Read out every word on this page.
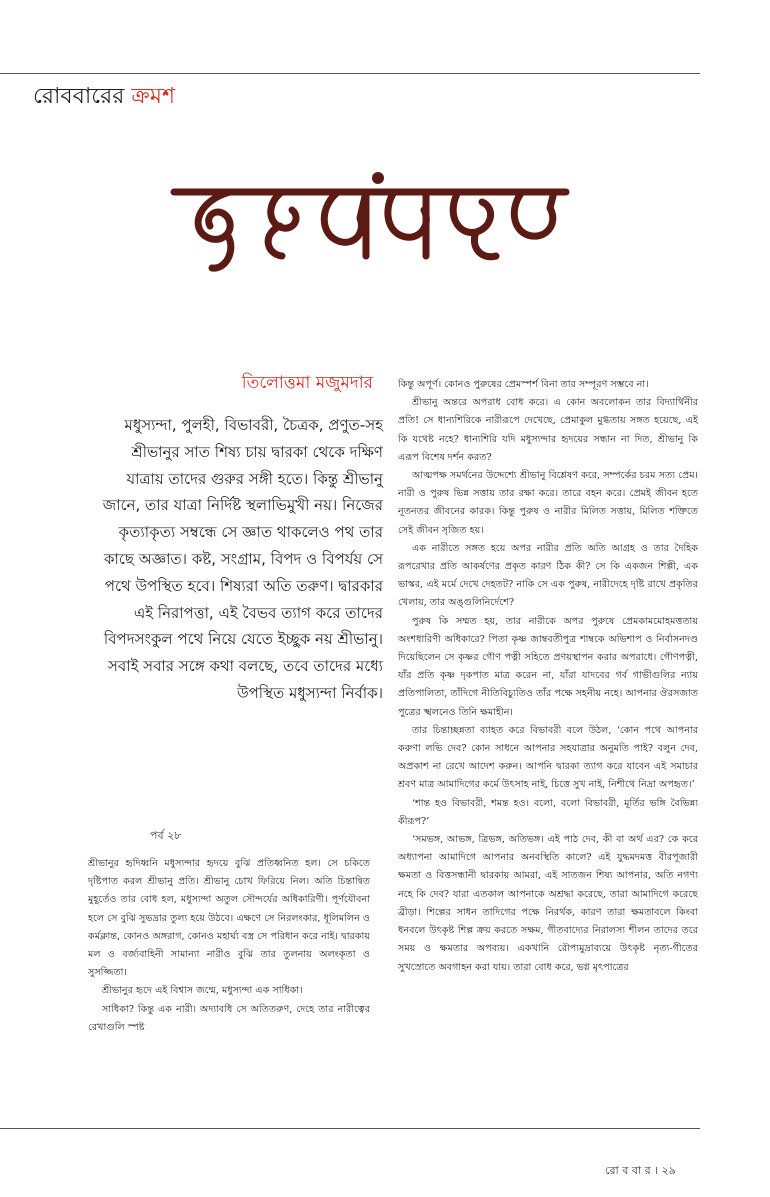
রোববারের ক্রমশ
তিলোত্তমা মজুমদার
মধুস্যন্দা, পুলহী, বিভাবরী, চৈত্রক, প্রণুত-সহ শ্রীভানুর সাত শিষ্য চায় দ্বারকা থেকে দক্ষিণ যাত্রায় তাদের গুরুর সঙ্গী হতে। কিন্তু শ্রীভানু জানে, তার যাত্রা নির্দিষ্ট স্থলাভিমুখী নয়। নিজের কৃত্যাকৃত্য সম্বন্ধে সে জ্ঞাত থাকলেও পথ তার কাছে অজ্ঞাত। কষ্ট, সংগ্রাম, বিপদ ও বিপর্যয় সে পথে উপস্থিত হবে। শিষ্যরা অতি তরুণ। দ্বারকার এই নিরাপত্তা, এই বৈভব ত্যাগ করে তাদের বিপদসংকুল পথে নিয়ে যেতে ইচ্ছুক নয় শ্রীভানু। সবাই সবার সঙ্গে কথা বলছে, তবে তাদের মধ্যে উপস্থিত মধুস্যন্দা নির্বাক।
পর্ব ২৮

শ্রীভানুর হৃদিধ্বনি মধুস্যন্দার হৃদয়ে বুঝি প্রতিধ্বনিত হল। সে চকিতে দৃষ্টিপাত করল শ্রীভানু প্রতি। শ্রীভানু চোখ ফিরিয়ে নিল। অতি চিন্তান্বিত মুহূর্তেও তার বোধ হল, মধুস্যন্দা অতুল সৌন্দর্যের অধিকারিণী। পূর্ণযৌবনা হলে সে বুঝি সুভদ্রার তুল্য হয়ে উঠবে। এক্ষণে সে নিরলংকার, ধূলিমলিন ও কর্মক্লান্ত, কোনও অঙ্গরাগ, কোনও মহার্ঘ্য বস্ত্র সে পরিধান করে নাই। দ্বারকায় মল ও বর্জ্যবাহিনী সামান্যা নারীও বুঝি তার তুলনায় অলংকৃতা ও সুসজ্জিতা।

শ্রীভানুর হৃদে এই বিশ্বাস জন্মে, মধুস্যন্দা এক সাধিকা।

সাধিকা? কিন্তু এক নারী। অদ্যাবধি সে অতিতরুণ, দেহে তার নারীত্বের রেখাগুলি স্পষ্ট

কিন্তু অপূর্ণ। কোনও পুরুষের প্রেমস্পর্শ বিনা তার সম্পূরণ সম্ভবে না।

শ্রীভানু অন্তরে অপরাধ বোধ করে। এ কোন অবলোকন তার বিদ্যার্থিনীর প্রতি! সে ধান্যশিরিকে নারীরূপে দেখেছে, প্রেমাকুল মুগ্ধতায় সঙ্গত হয়েছে, এই কি যথেষ্ট নহে? ধান্যশিরি যদি মধুস্যন্দার হৃদয়ের সন্ধান না দিত, শ্রীভানু কি এরূপ বিশেষ দর্শন করত?

আত্মপক্ষ সমর্থনের উদ্দেশ্যে শ্রীভানু বিশ্লেষণ করে, সম্পর্কের চরম সত্য প্রেম। নারী ও পুরুষ ভিন্ন সত্তায় তার রক্ষা করে। তারে বহন করে। প্রেমই জীবন হতে নূতনতর জীবনের কারক। কিন্তু পুরুষ ও নারীর মিলিত সত্তায়, মিলিত শক্তিতে সেই জীবন সৃজিত হয়।

এক নারীতে সঙ্গত হয়ে অপর নারীর প্রতি অতি আগ্রহ ও তার দৈহিক রূপরেখার প্রতি আকর্ষণের প্রকৃত কারণ ঠিক কী? সে কি একজন শিল্পী, এক ভাস্কর, এই মর্মে দেখে দেহতট? নাকি সে এক পুরুষ, নারীদেহে দৃষ্টি রাখে প্রকৃতির খেলায়, তার অঙ্গুলিনির্দেশে?

পুরুষ কি সম্মত হয়, তার নারীকে অপর পুরুষে প্রেমকামমোহমত্ততায় অংশধারিণী অধিকারে? পিতা কৃষ্ণ জাম্ববতীপুত্র শাম্বকে অভিশাপ ও নির্বাসনদণ্ড দিয়েছিলেন সে কৃষ্ণর গৌণ পত্নী সহিতে প্রণয়স্থাপন করার অপরাধে। গৌণপত্নী, যাঁর প্রতি কৃষ্ণ দৃকপাত মাত্র করেন না, যাঁরা যাদবের গর্ব গাভীগুলির ন্যায় প্রতিপালিতা, তাঁদিগে নীতিবিচ্যুতিও তাঁর পক্ষে সহনীয় নহে। আপনার ঔরসজাত পুত্রের স্খলনেও তিনি ক্ষমাহীন।

তার চিন্তাচ্ছন্নতা ব্যাহত করে বিভাবরী বলে উঠল, ‘কোন পথে আপনার করুণা লভি দেব? কোন সাধনে আপনার সহযাত্রার অনুমতি পাই? বলুন দেব, অপ্রকাশ না রেখে আদেশ করুন। আপনি দ্বারকা ত্যাগ করে যাবেন এই সমাচার শ্রবণ মাত্র আমাদিগের কর্মে উৎসাহ নাই, চিত্তে সুখ নাই, নিশীথে নিদ্রা অপহৃত।’

‘শান্ত হও বিভাবরী, শমন্ত হও। বলো, বলো বিভাবরী, মূর্তির ভঙ্গি বৈভিন্ন্য কীরূপ?’

‘সমভঙ্গ, আভঙ্গ, ত্রিভঙ্গ, অতিভঙ্গ। এই পাঠ দেব, কী বা অর্থ এর? কে করে অধ্যাপনা আমাদিগে আপনার অনবস্থিতি কালে? এই যুদ্ধমদমত্ত বীরপূজারী ক্ষমতা ও বিত্তসন্ধানী দ্বারকায় আমরা, এই সাতজন শিষ্য আপনার, অতি নগণ্য নহে কি দেব? যারা এতকাল আপনাকে অশ্রদ্ধা করেছে, তারা আমাদিগে করেছে ব্রীড়া। শিল্পের সাধন তাদিগের পক্ষে নিরর্থক, কারণ তারা ক্ষমতাবলে কিংবা ধনবলে উৎকৃষ্ট শিল্প ক্রয় করতে সক্ষম, গীতবাদ্যের নিরালস্য শীলন তাদের তরে সময় ও ক্ষমতার অপব্যয়। একখানি রৌপ্যমুদ্রাব্যয়ে উৎকৃষ্ট নৃত্য-গীতের সুখস্রোতে অবগাহন করা যায়। তারা বোধ করে, ভগ্ন মৃৎপাত্রের

রো ব বা র । ২৯
